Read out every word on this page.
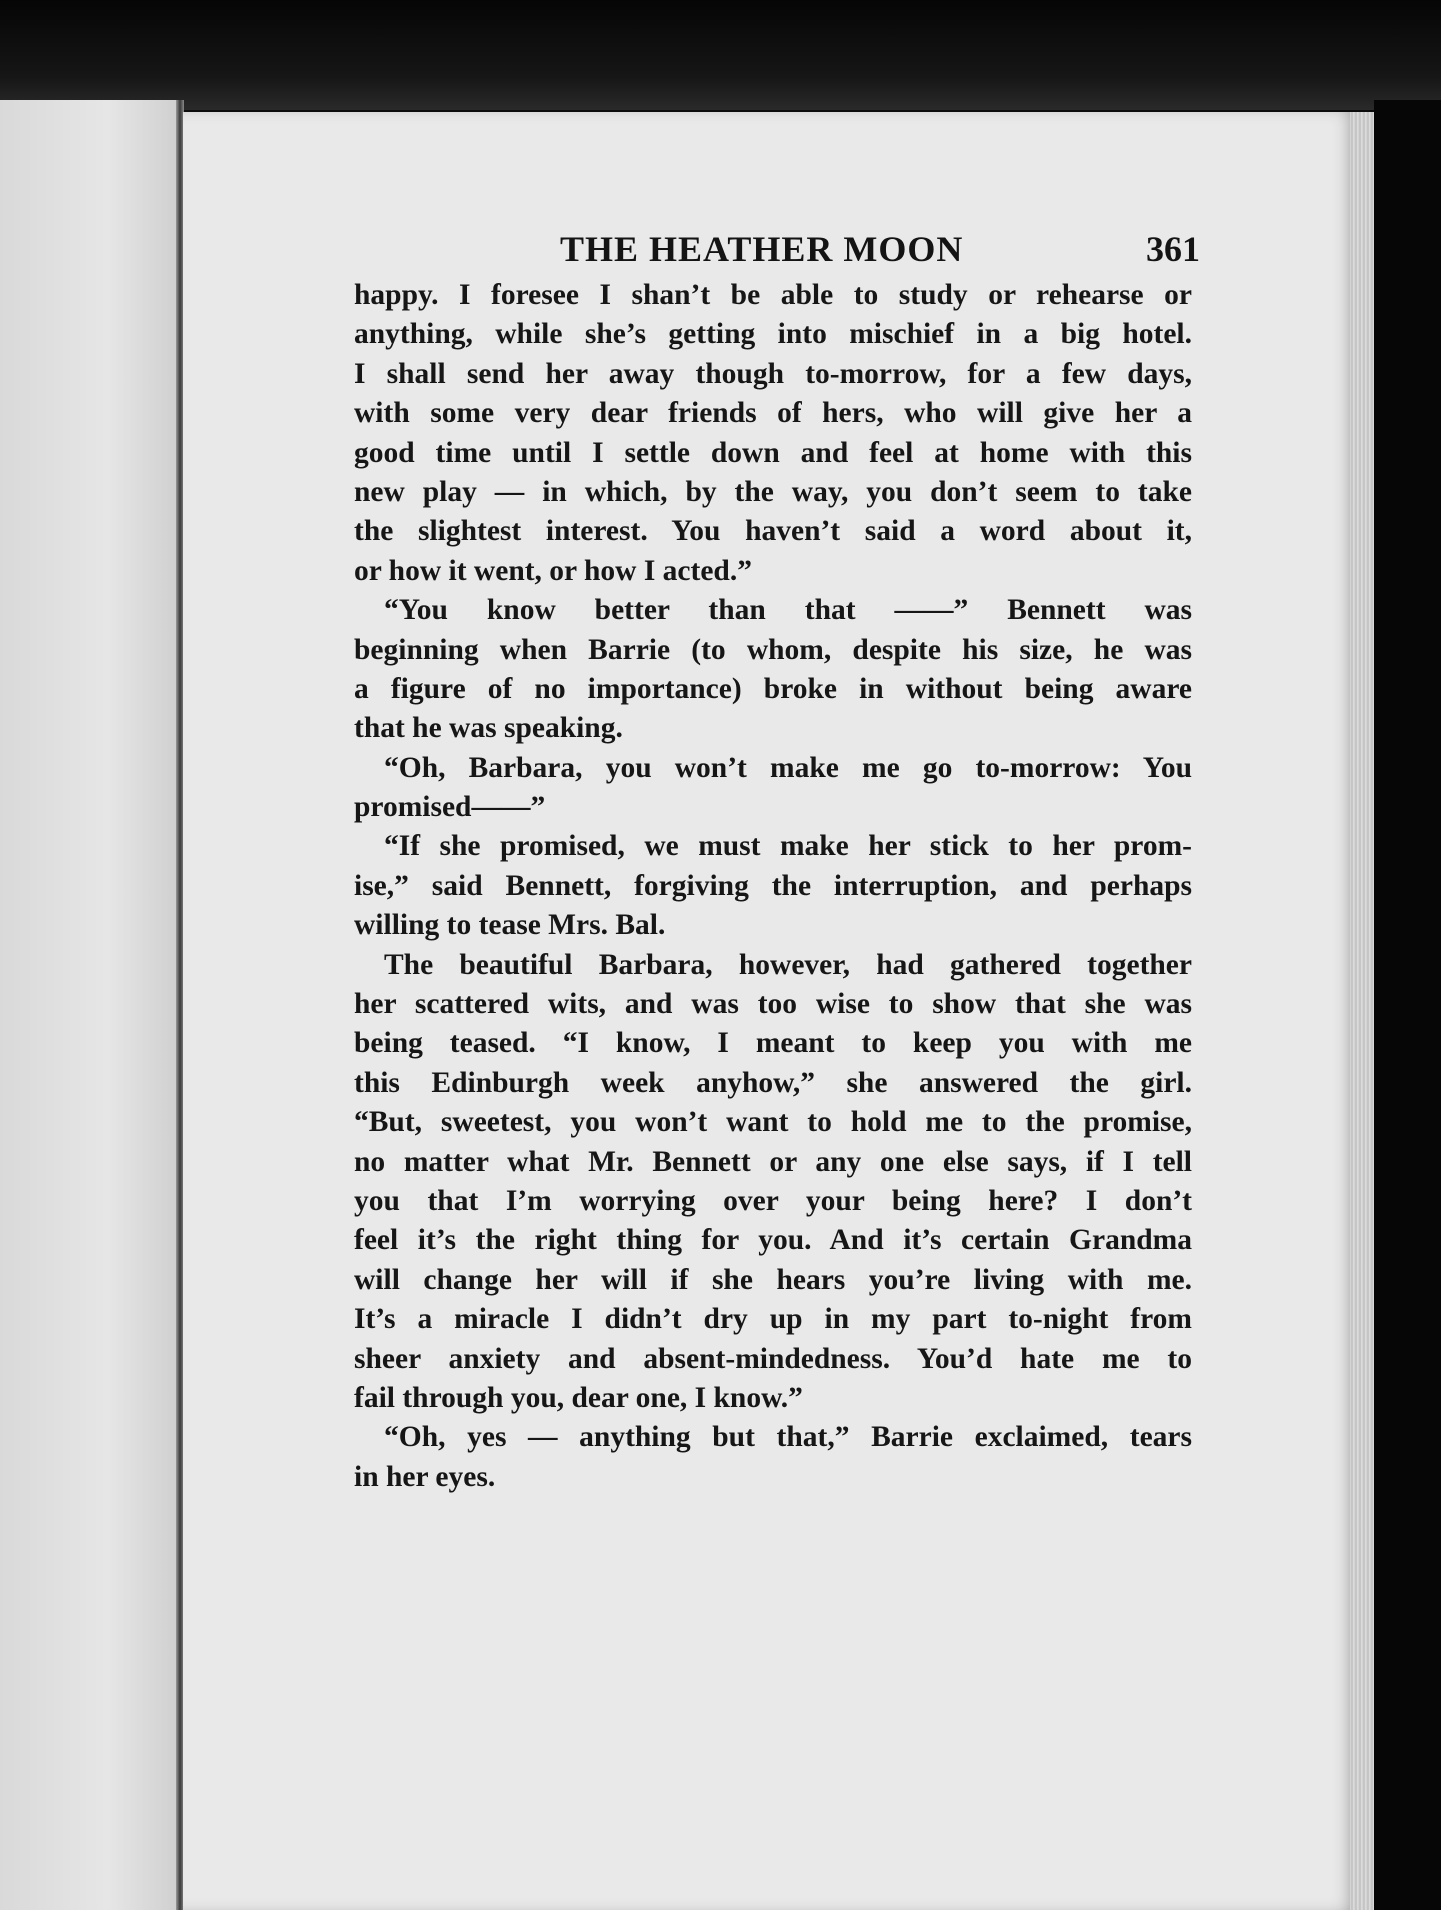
THE HEATHER MOON	361
happy. I foresee I shan’t be able to study or rehearse or
anything, while she’s getting into mischief in a big hotel.
I shall send her away though to-morrow, for a few days,
with some very dear friends of hers, who will give her a
good time until I settle down and feel at home with this
new play — in which, by the way, you don’t seem to take
the slightest interest. You haven’t said a word about it,
or how it went, or how I acted.”
“You know better than that ——” Bennett was
beginning when Barrie (to whom, despite his size, he was
a figure of no importance) broke in without being aware
that he was speaking.
“Oh, Barbara, you won’t make me go to-morrow: You
promised——”
“If she promised, we must make her stick to her prom-
ise,” said Bennett, forgiving the interruption, and perhaps
willing to tease Mrs. Bal.
The beautiful Barbara, however, had gathered together
her scattered wits, and was too wise to show that she was
being teased. “I know, I meant to keep you with me
this Edinburgh week anyhow,” she answered the girl.
“But, sweetest, you won’t want to hold me to the promise,
no matter what Mr. Bennett or any one else says, if I tell
you that I’m worrying over your being here? I don’t
feel it’s the right thing for you. And it’s certain Grandma
will change her will if she hears you’re living with me.
It’s a miracle I didn’t dry up in my part to-night from
sheer anxiety and absent-mindedness. You’d hate me to
fail through you, dear one, I know.”
“Oh, yes — anything but that,” Barrie exclaimed, tears
in her eyes.
